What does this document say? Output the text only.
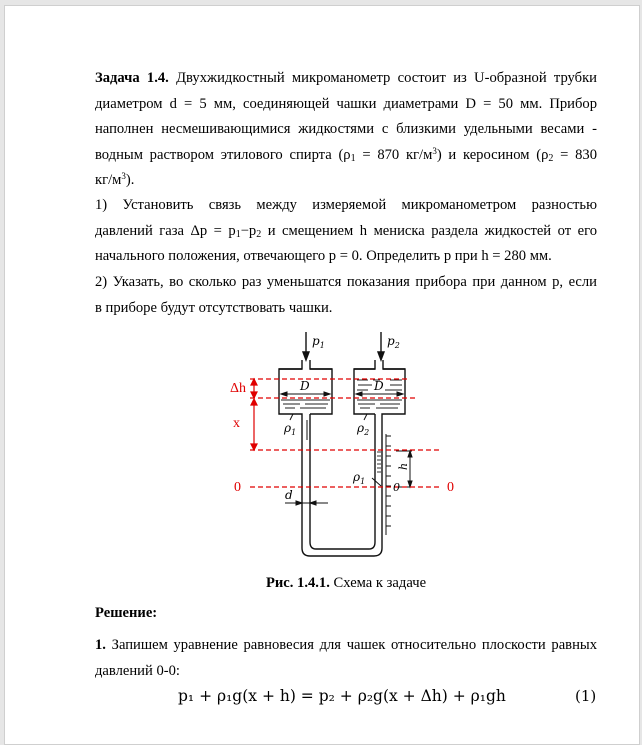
Задача 1.4. Двухжидкостный микроманометр состоит из U-образной трубки
диаметром d = 5 мм, соединяющей чашки диаметрами D = 50 мм. Прибор
наполнен несмешивающимися жидкостями с близкими удельными весами -
водным раствором этилового спирта ($\rho_1 = 870$ $кг/м^3$) и керосином ($\rho_2 = 830$
$кг/м^3$).
1) Установить связь между измеряемой микроманометром разностью
давлений газа $\Delta p = p_1-p_2$ и смещением h мениска раздела жидкостей от его
начального положения, отвечающего p = 0. Определить p при h = 280 мм.
2) Указать, во сколько раз уменьшатся показания прибора при данном p, если
в приборе будут отсутствовать чашки.
$p_1$	$p_2$
D	D
$\rho_1$	$\rho_2$
$\rho_1$
d
h
0
Δh
x
0	0
Рис. 1.4.1. Схема к задаче
Решение:
1. Запишем уравнение равновесия для чашек относительно плоскости равных
давлений 0-0:
p₁ + ρ₁g(x + h) = p₂ + ρ₂g(x + Δh) + ρ₁gh	(1)
